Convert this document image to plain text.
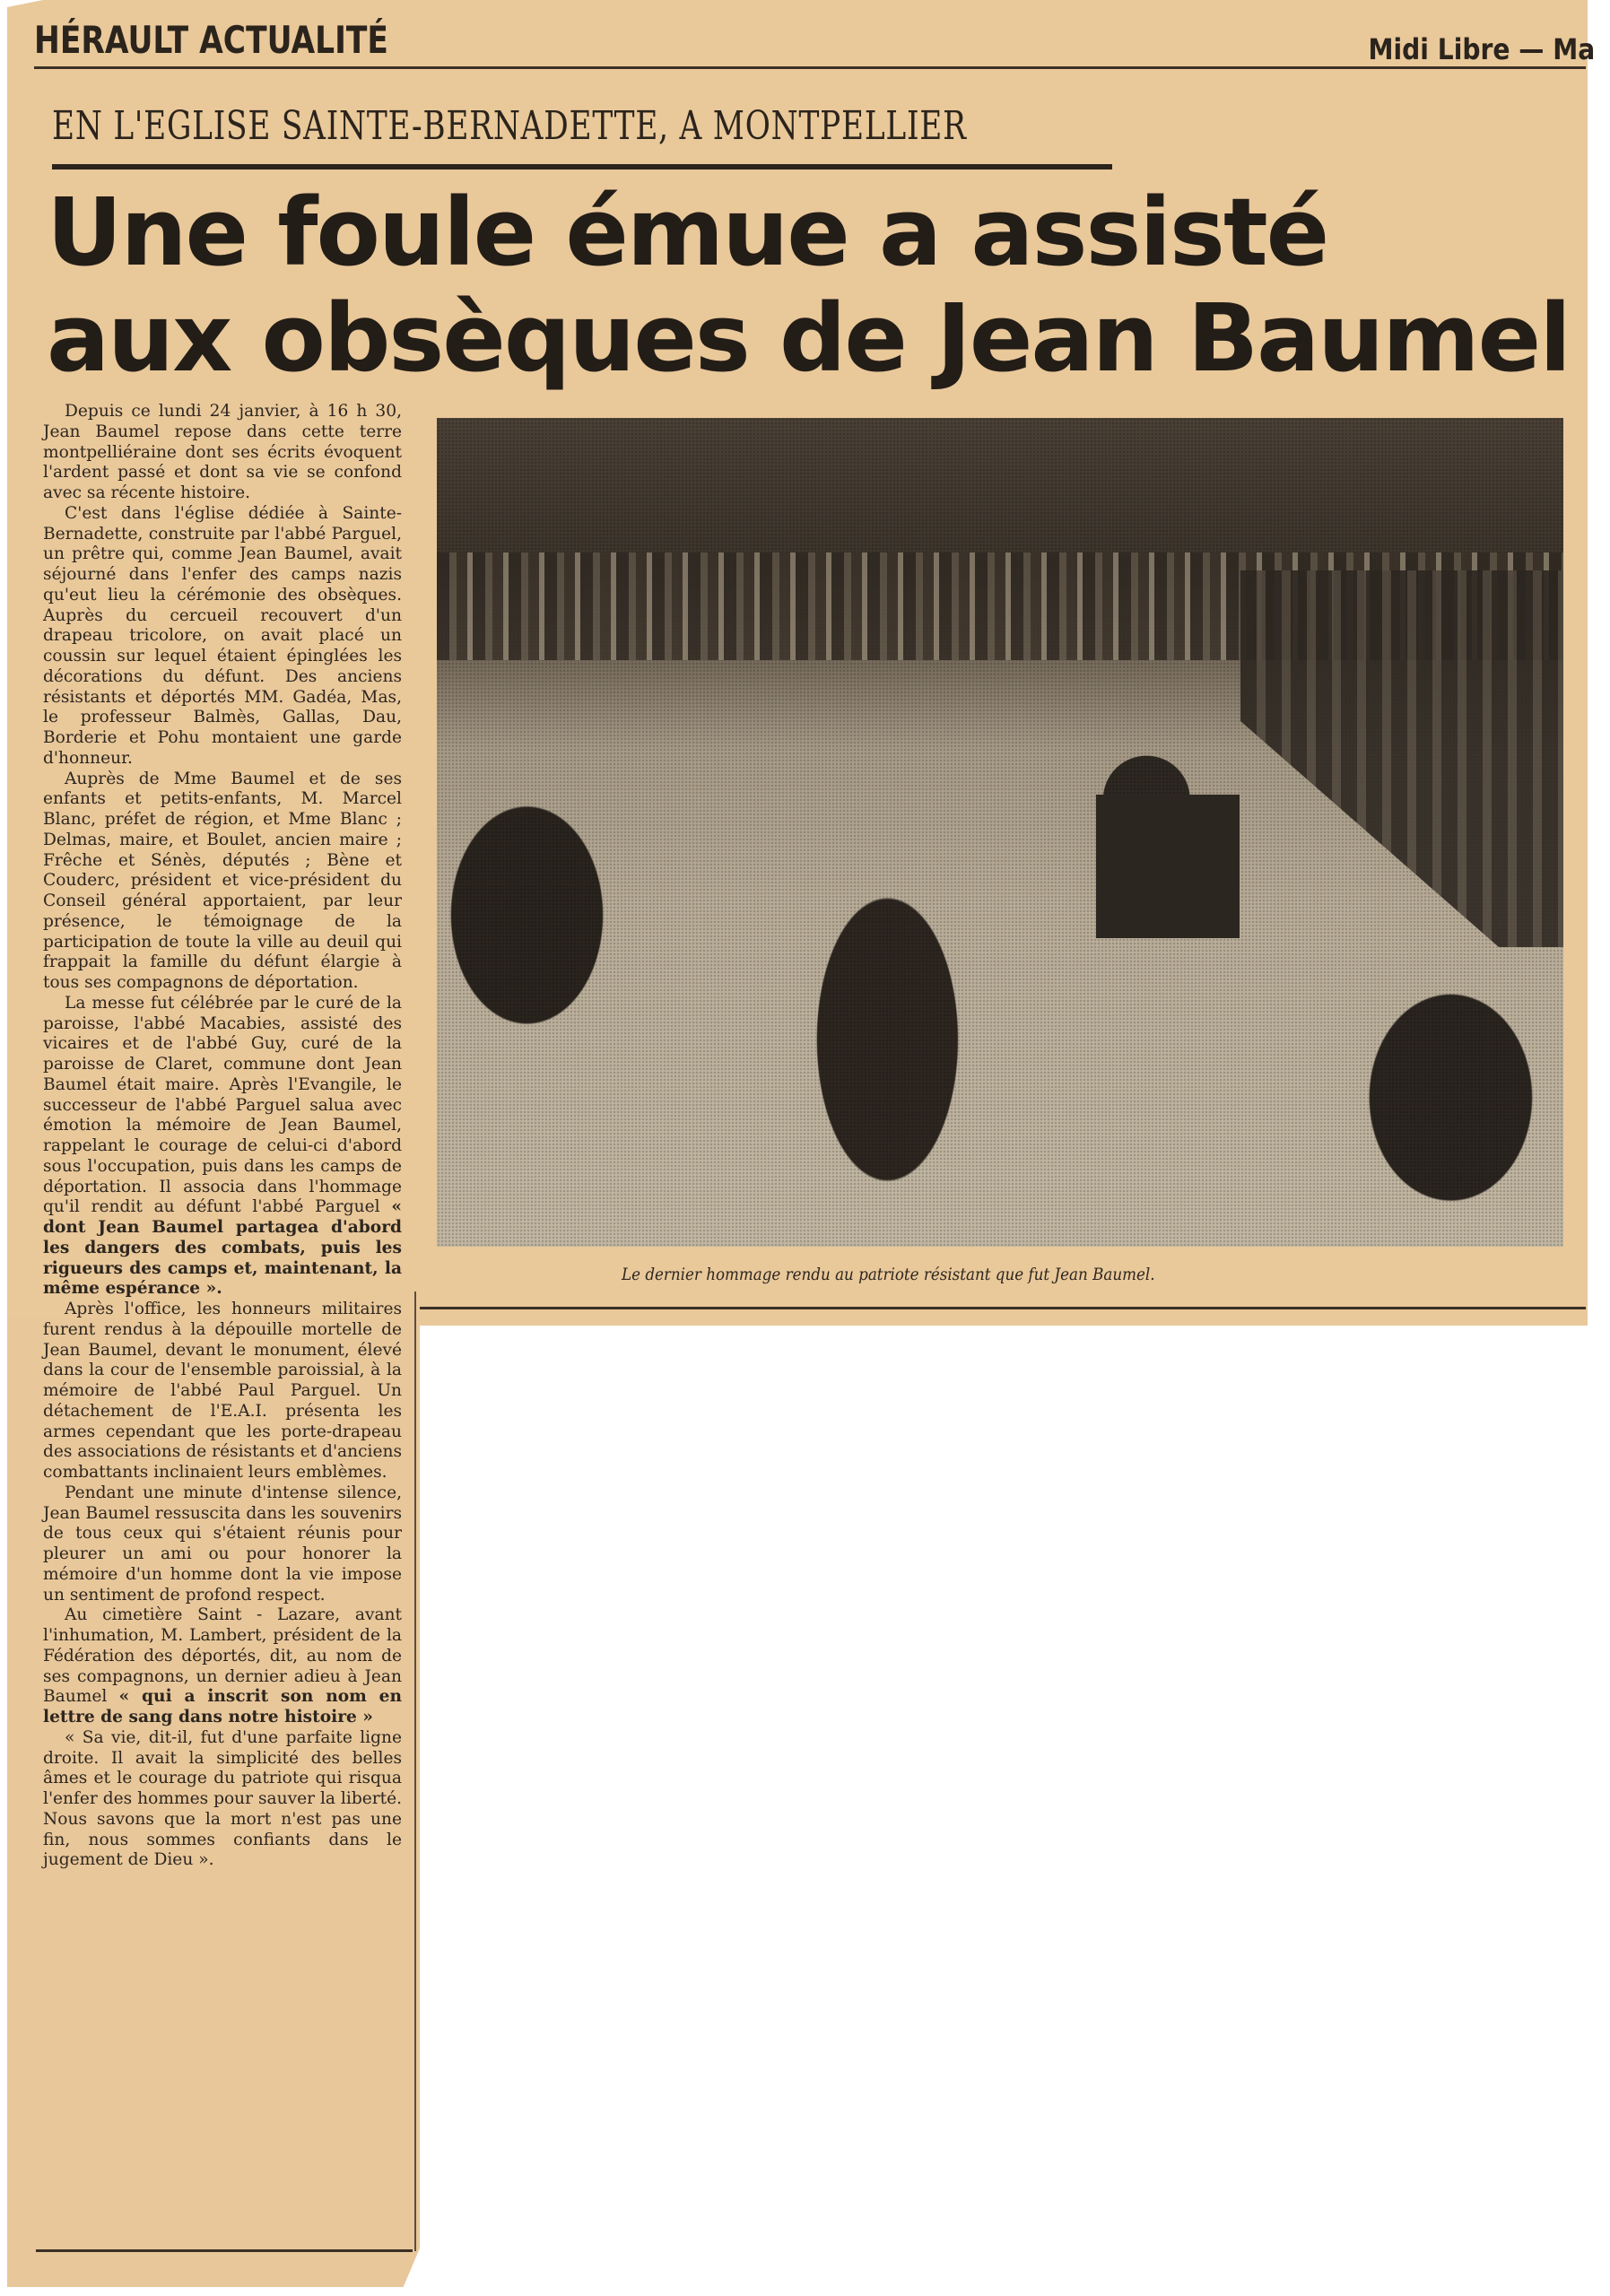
HÉRAULT ACTUALITÉ	Midi Libre — Ma
EN L'EGLISE SAINTE-BERNADETTE, A MONTPELLIER
Une foule émue a assisté
aux obsèques de Jean Baumel

Depuis ce lundi 24 janvier, à 16 h 30, Jean Baumel repose dans cette terre montpelliéraine dont ses écrits évoquent l'ardent passé et dont sa vie se confond avec sa récente histoire.

C'est dans l'église dédiée à Sainte-Bernadette, construite par l'abbé Parguel, un prêtre qui, comme Jean Baumel, avait séjourné dans l'enfer des camps nazis qu'eut lieu la cérémonie des obsèques. Auprès du cercueil recouvert d'un drapeau tricolore, on avait placé un coussin sur lequel étaient épinglées les décorations du défunt. Des anciens résistants et déportés MM. Gadéa, Mas, le professeur Balmès, Gallas, Dau, Borderie et Pohu montaient une garde d'honneur.

Auprès de Mme Baumel et de ses enfants et petits-enfants, M. Marcel Blanc, préfet de région, et Mme Blanc ; Delmas, maire, et Boulet, ancien maire ; Frêche et Sénès, députés ; Bène et Couderc, président et vice-président du Conseil général apportaient, par leur présence, le témoignage de la participation de toute la ville au deuil qui frappait la famille du défunt élargie à tous ses compagnons de déportation.

La messe fut célébrée par le curé de la paroisse, l'abbé Macabies, assisté des vicaires et de l'abbé Guy, curé de la paroisse de Claret, commune dont Jean Baumel était maire. Après l'Evangile, le successeur de l'abbé Parguel salua avec émotion la mémoire de Jean Baumel, rappelant le courage de celui-ci d'abord sous l'occupation, puis dans les camps de déportation. Il associa dans l'hommage qu'il rendit au défunt l'abbé Parguel « dont Jean Baumel partagea d'abord les dangers des combats, puis les rigueurs des camps et, maintenant, la même espérance ».

Après l'office, les honneurs militaires furent rendus à la dépouille mortelle de Jean Baumel, devant le monument, élevé dans la cour de l'ensemble paroissial, à la mémoire de l'abbé Paul Parguel. Un détachement de l'E.A.I. présenta les armes cependant que les porte-drapeau des associations de résistants et d'anciens combattants inclinaient leurs emblèmes.

Pendant une minute d'intense silence, Jean Baumel ressuscita dans les souvenirs de tous ceux qui s'étaient réunis pour pleurer un ami ou pour honorer la mémoire d'un homme dont la vie impose un sentiment de profond respect.

Au cimetière Saint - Lazare, avant l'inhumation, M. Lambert, président de la Fédération des déportés, dit, au nom de ses compagnons, un dernier adieu à Jean Baumel « qui a inscrit son nom en lettre de sang dans notre histoire »

« Sa vie, dit-il, fut d'une parfaite ligne droite. Il avait la simplicité des belles âmes et le courage du patriote qui risqua l'enfer des hommes pour sauver la liberté. Nous savons que la mort n'est pas une fin, nous sommes confiants dans le jugement de Dieu ».

Le dernier hommage rendu au patriote résistant que fut Jean Baumel.
